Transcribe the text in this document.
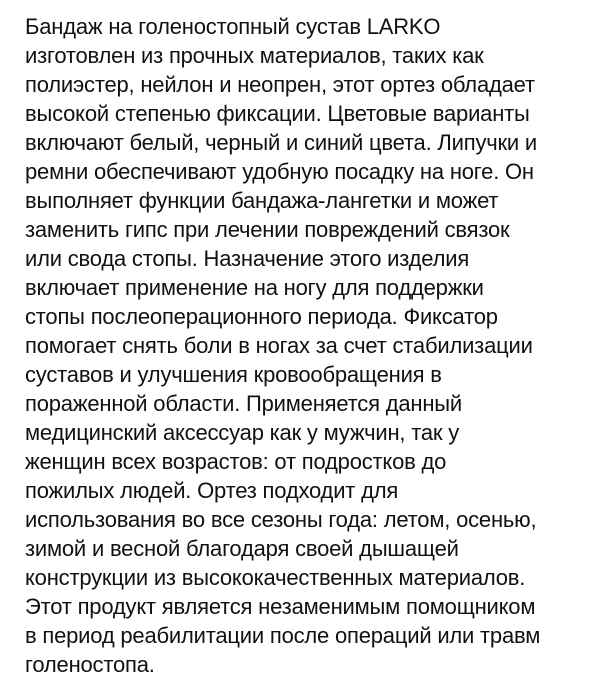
Бандаж на голеностопный сустав LARKO
изготовлен из прочных материалов, таких как
полиэстер, нейлон и неопрен, этот ортез обладает
высокой степенью фиксации. Цветовые варианты
включают белый, черный и синий цвета. Липучки и
ремни обеспечивают удобную посадку на ноге. Он
выполняет функции бандажа-лангетки и может
заменить гипс при лечении повреждений связок
или свода стопы. Назначение этого изделия
включает применение на ногу для поддержки
стопы послеоперационного периода. Фиксатор
помогает снять боли в ногах за счет стабилизации
суставов и улучшения кровообращения в
пораженной области. Применяется данный
медицинский аксессуар как у мужчин, так у
женщин всех возрастов: от подростков до
пожилых людей. Ортез подходит для
использования во все сезоны года: летом, осенью,
зимой и весной благодаря своей дышащей
конструкции из высококачественных материалов.
Этот продукт является незаменимым помощником
в период реабилитации после операций или травм
голеностопа.
